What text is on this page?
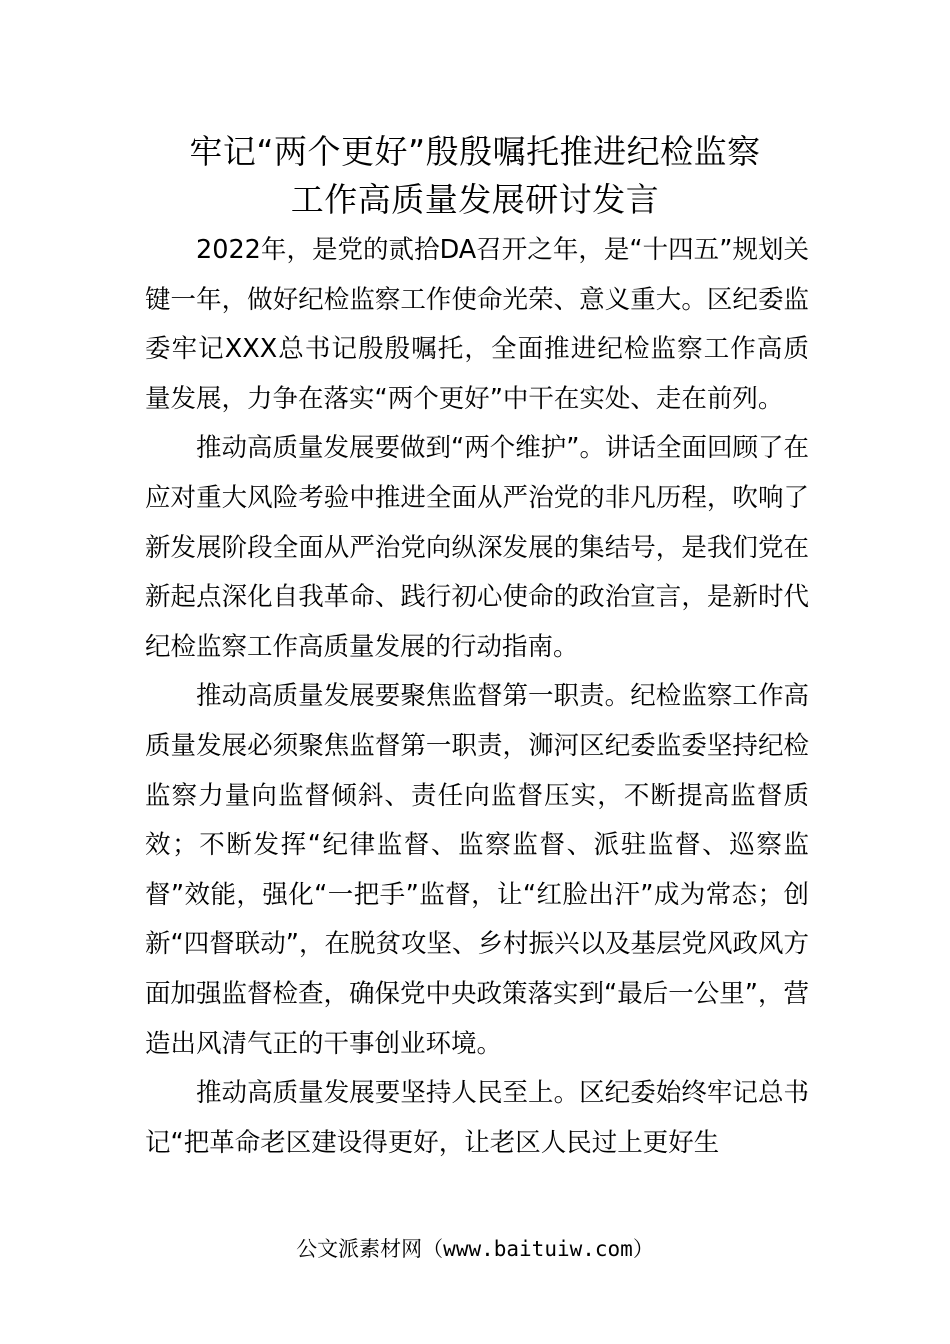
牢记“两个更好”殷殷嘱托推进纪检监察
工作高质量发展研讨发言

2022年，是党的贰拾DA召开之年，是“十四五”规划关键一年，做好纪检监察工作使命光荣、意义重大。区纪委监委牢记XXX总书记殷殷嘱托，全面推进纪检监察工作高质量发展，力争在落实“两个更好”中干在实处、走在前列。

推动高质量发展要做到“两个维护”。讲话全面回顾了在应对重大风险考验中推进全面从严治党的非凡历程，吹响了新发展阶段全面从严治党向纵深发展的集结号，是我们党在新起点深化自我革命、践行初心使命的政治宣言，是新时代纪检监察工作高质量发展的行动指南。

推动高质量发展要聚焦监督第一职责。纪检监察工作高质量发展必须聚焦监督第一职责，浉河区纪委监委坚持纪检监察力量向监督倾斜、责任向监督压实，不断提高监督质效；不断发挥“纪律监督、监察监督、派驻监督、巡察监督”效能，强化“一把手”监督，让“红脸出汗”成为常态；创新“四督联动”，在脱贫攻坚、乡村振兴以及基层党风政风方面加强监督检查，确保党中央政策落实到“最后一公里”，营造出风清气正的干事创业环境。

推动高质量发展要坚持人民至上。区纪委始终牢记总书记“把革命老区建设得更好，让老区人民过上更好生

公文派素材网（www.baituiw.com）
